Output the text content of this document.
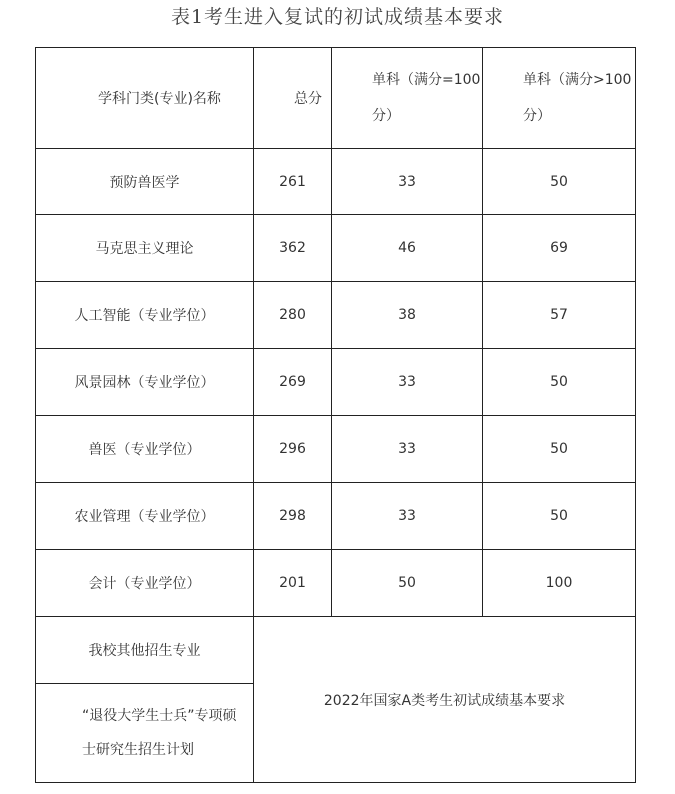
表1考生进入复试的初试成绩基本要求
学科门类(专业)名称	总分	单科（满分=100分）	单科（满分>100分）
预防兽医学	261	33	50
马克思主义理论	362	46	69
人工智能（专业学位）	280	38	57
风景园林（专业学位）	269	33	50
兽医（专业学位）	296	33	50
农业管理（专业学位）	298	33	50
会计（专业学位）	201	50	100
我校其他招生专业	2022年国家A类考生初试成绩基本要求		
“退役大学生士兵”专项硕士研究生招生计划			
